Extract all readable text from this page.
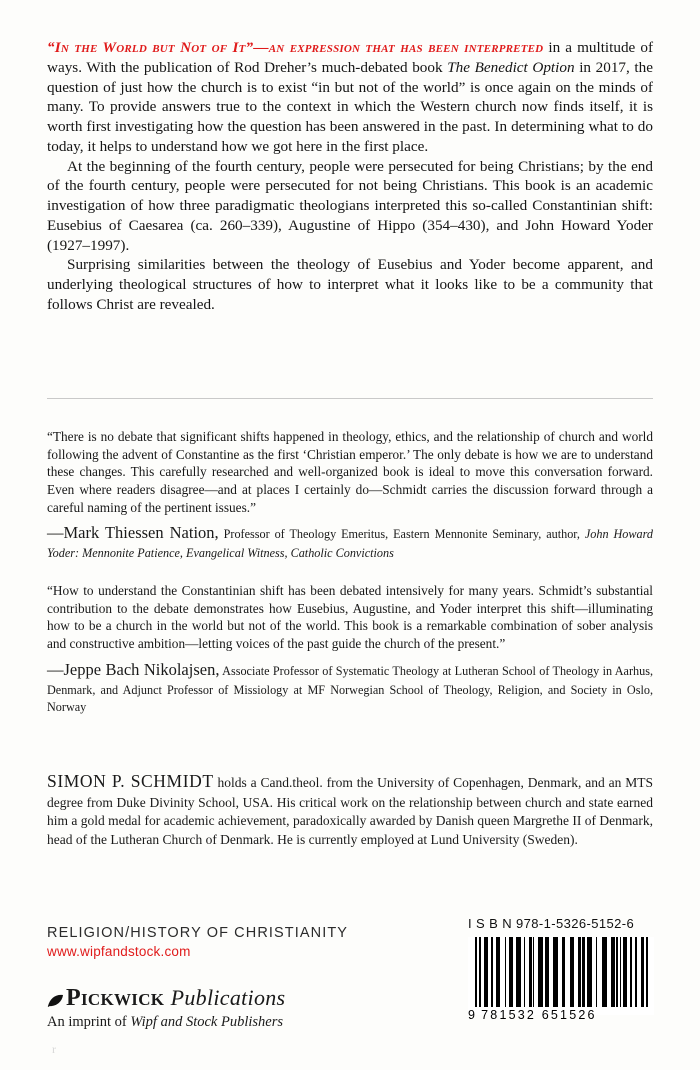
“In the World but Not of It”—an expression that has been interpreted in a multitude of ways. With the publication of Rod Dreher’s much-debated book The Benedict Option in 2017, the question of just how the church is to exist “in but not of the world” is once again on the minds of many. To provide answers true to the context in which the Western church now finds itself, it is worth first investigating how the question has been answered in the past. In determining what to do today, it helps to understand how we got here in the first place.

At the beginning of the fourth century, people were persecuted for being Christians; by the end of the fourth century, people were persecuted for not being Christians. This book is an academic investigation of how three paradigmatic theologians interpreted this so-called Constantinian shift: Eusebius of Caesarea (ca. 260–339), Augustine of Hippo (354–430), and John Howard Yoder (1927–1997).

Surprising similarities between the theology of Eusebius and Yoder become apparent, and underlying theological structures of how to interpret what it looks like to be a community that follows Christ are revealed.

“There is no debate that significant shifts happened in theology, ethics, and the relationship of church and world following the advent of Constantine as the first ‘Christian emperor.’ The only debate is how we are to understand these changes. This carefully researched and well-organized book is ideal to move this conversation forward. Even where readers disagree—and at places I certainly do—Schmidt carries the discussion forward through a careful naming of the pertinent issues.”

—Mark Thiessen Nation, Professor of Theology Emeritus, Eastern Mennonite Seminary, author, John Howard Yoder: Mennonite Patience, Evangelical Witness, Catholic Convictions

“How to understand the Constantinian shift has been debated intensively for many years. Schmidt’s substantial contribution to the debate demonstrates how Eusebius, Augustine, and Yoder interpret this shift—illuminating how to be a church in the world but not of the world. This book is a remarkable combination of sober analysis and constructive ambition—letting voices of the past guide the church of the present.”

—Jeppe Bach Nikolajsen, Associate Professor of Systematic Theology at Lutheran School of Theology in Aarhus, Denmark, and Adjunct Professor of Missiology at MF Norwegian School of Theology, Religion, and Society in Oslo, Norway

SIMON P. SCHMIDT holds a Cand.theol. from the University of Copenhagen, Denmark, and an MTS degree from Duke Divinity School, USA. His critical work on the relationship between church and state earned him a gold medal for academic achievement, paradoxically awarded by Danish queen Margrethe II of Denmark, head of the Lutheran Church of Denmark. He is currently employed at Lund University (Sweden).
RELIGION/HISTORY OF CHRISTIANITY
www.wipfandstock.com
Pickwick Publications
An imprint of Wipf and Stock Publishers
I S B N 978-1-5326-5152-6
9 781532 651526
r
